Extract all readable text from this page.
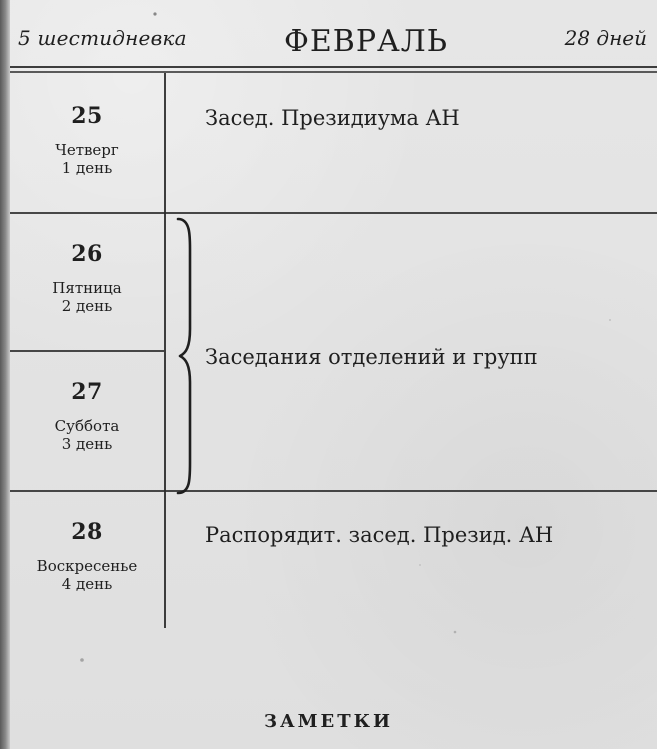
5 шестидневка	ФЕВРАЛЬ	28 дней
25
Четверг
1 день
26
Пятница
2 день
27
Суббота
3 день
28
Воскресенье
4 день
Засед. Президиума АН
Заседания отделений и групп
Распорядит. засед. Презид. АН
ЗАМЕТКИ
